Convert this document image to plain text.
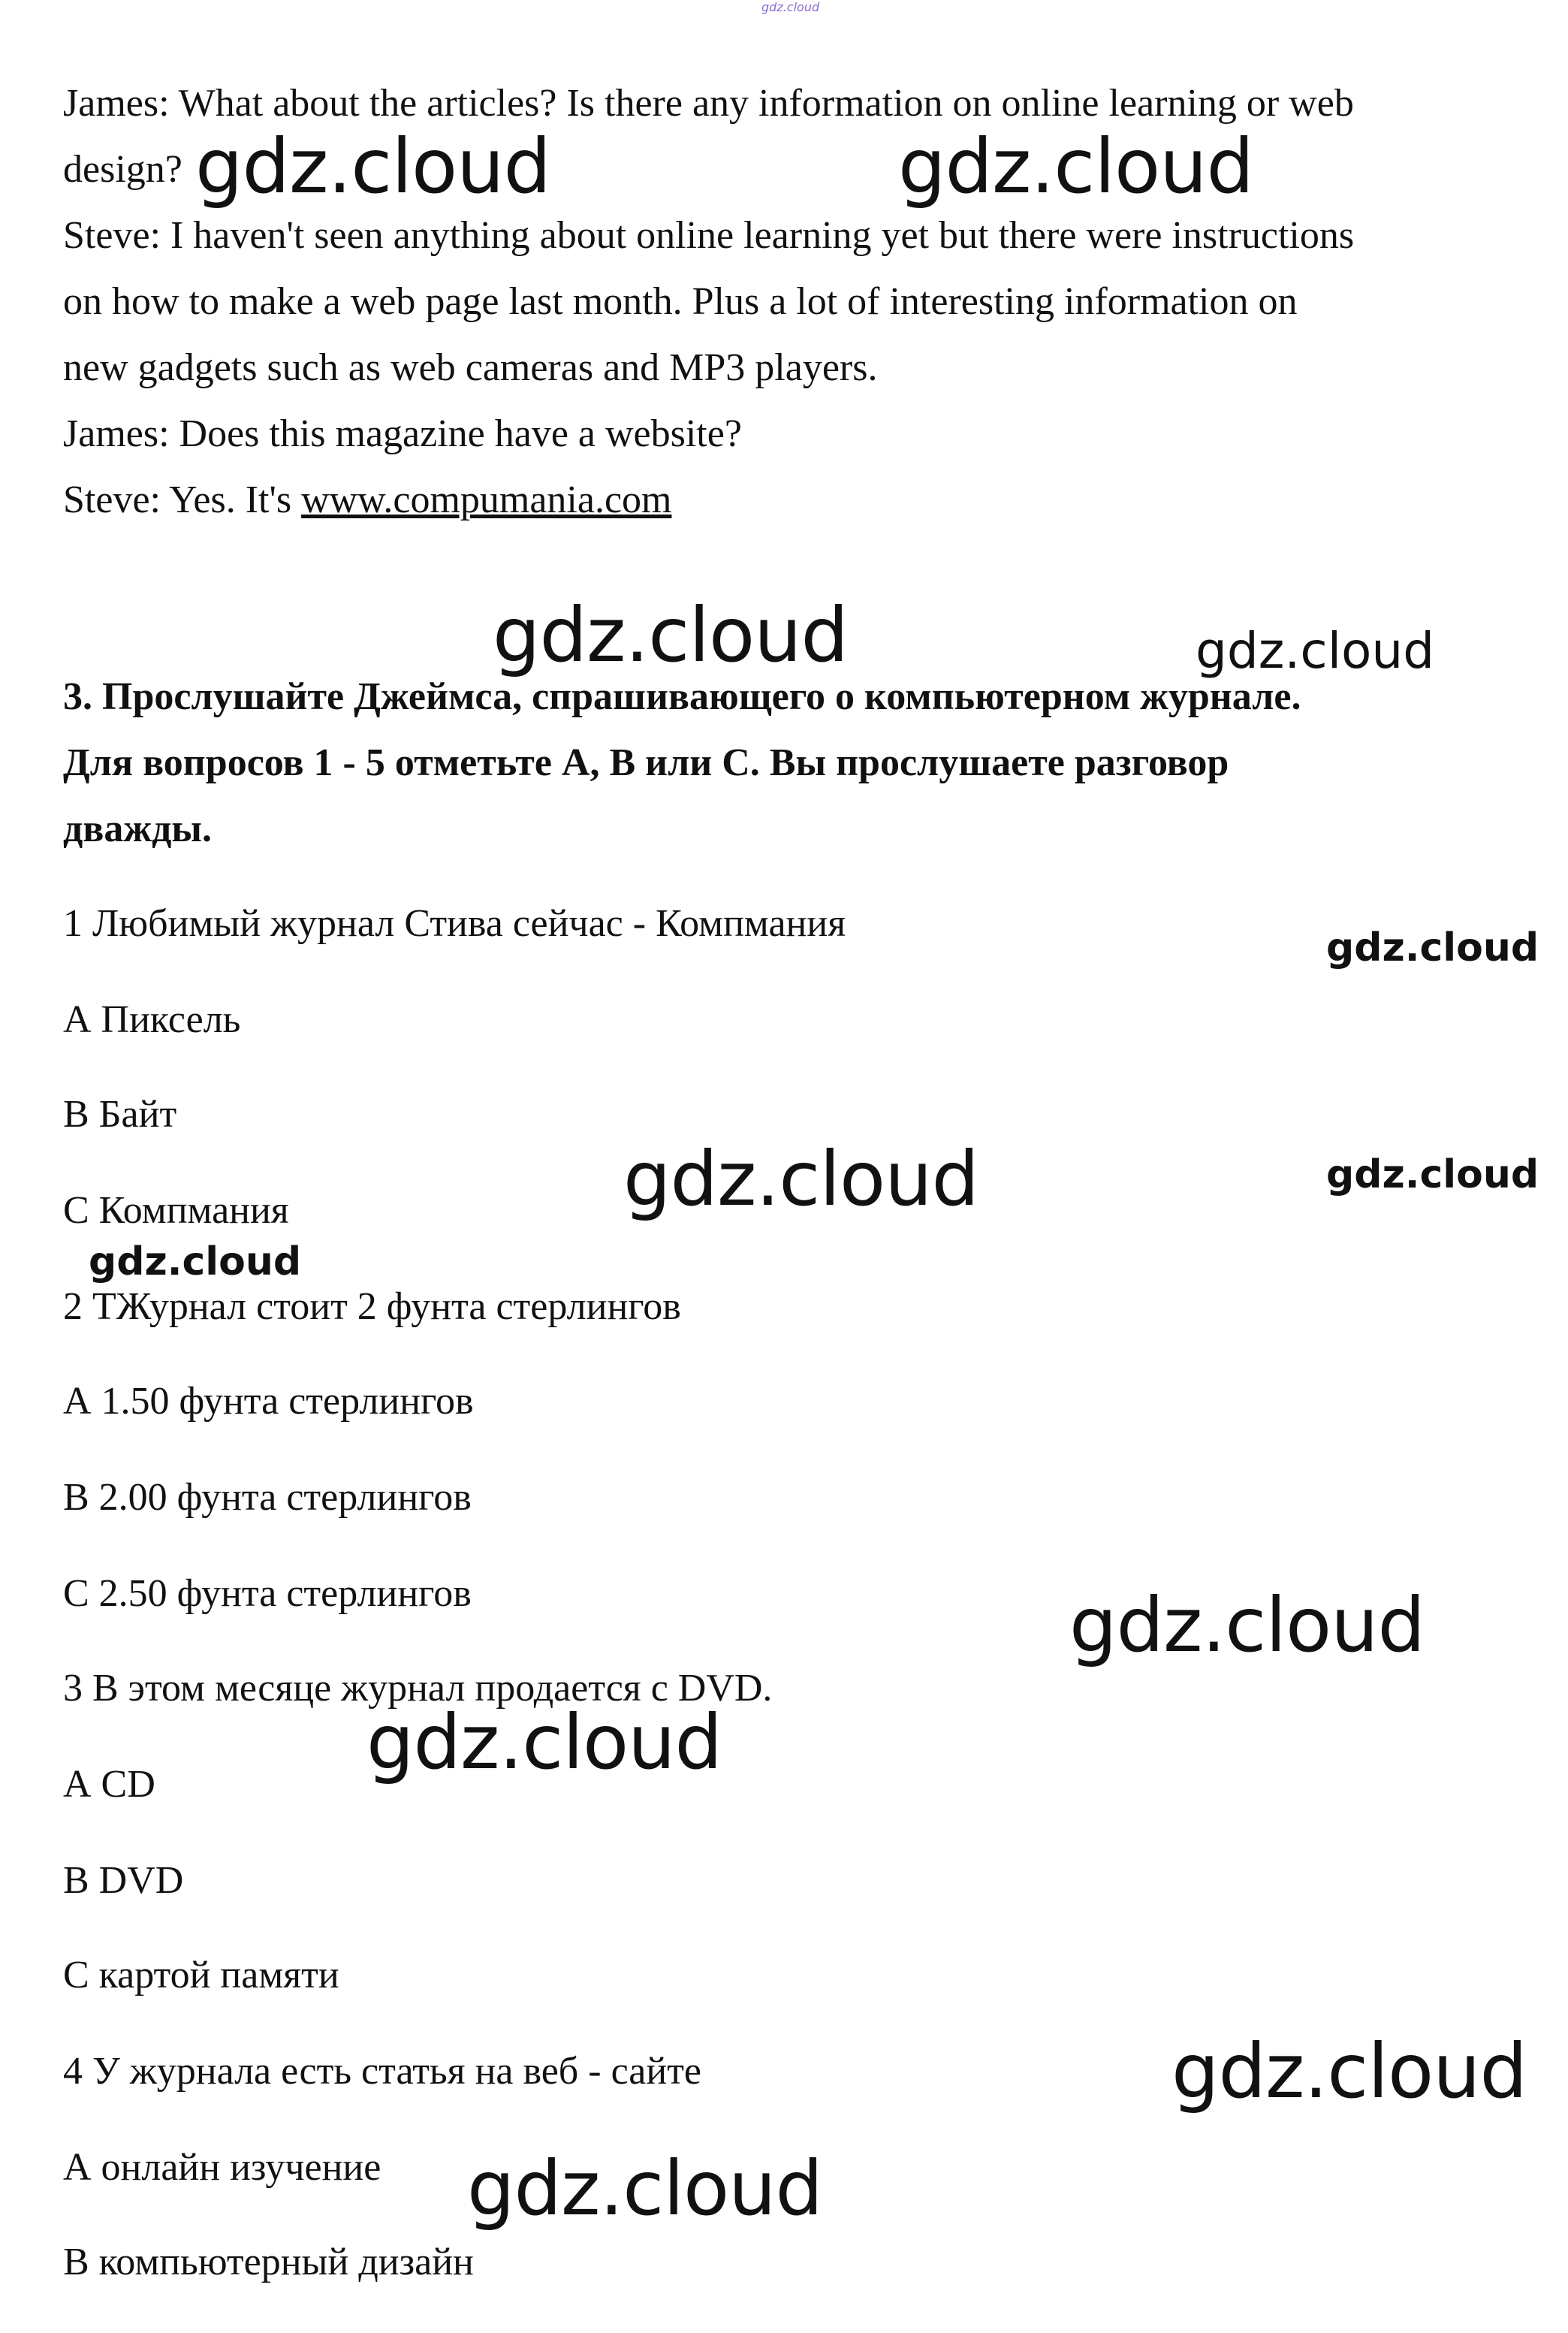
James: What about the articles? Is there any information on online learning or web
design?
Steve: I haven't seen anything about online learning yet but there were instructions
on how to make a web page last month. Plus a lot of interesting information on
new gadgets such as web cameras and MP3 players.
James: Does this magazine have a website?
Steve: Yes. It's www.compumania.com
3. Прослушайте Джеймса, спрашивающего о компьютерном журнале.
Для вопросов 1 - 5 отметьте А, В или С. Вы прослушаете разговор
дважды.
1 Любимый журнал Стива сейчас - Компмания
А Пиксель
В Байт
С Компмания
2 ТЖурнал стоит 2 фунта стерлингов
А 1.50 фунта стерлингов
В 2.00 фунта стерлингов
С 2.50 фунта стерлингов
3 В этом месяце журнал продается с DVD.
А CD
В DVD
С картой памяти
4 У журнала есть статья на веб - сайте
А онлайн изучение
В компьютерный дизайн
gdz.cloud
gdz.cloud	gdz.cloud
gdz.cloud	gdz.cloud
gdz.cloud
gdz.cloud	gdz.cloud
gdz.cloud
gdz.cloud
gdz.cloud
gdz.cloud
gdz.cloud
